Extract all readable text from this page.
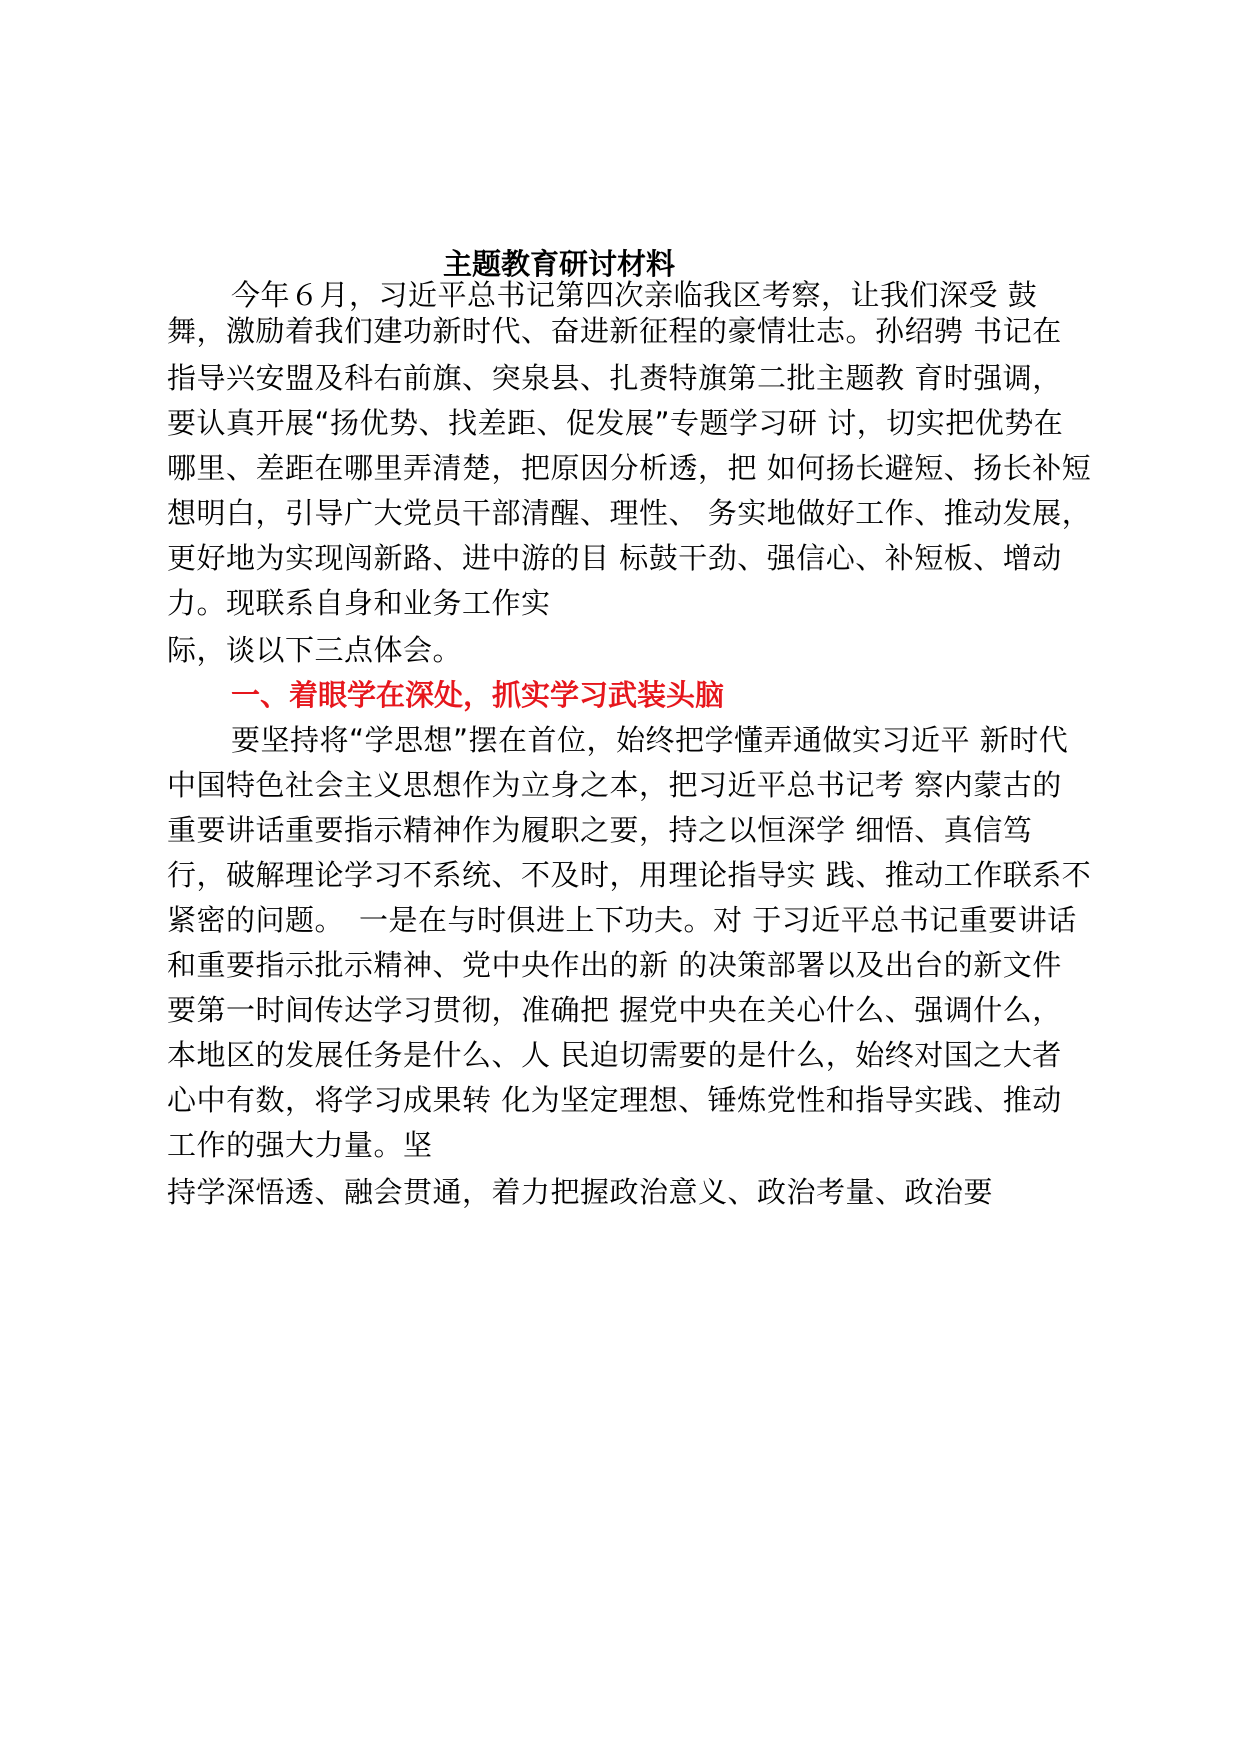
主题教育研讨材料
今年６月，习近平总书记第四次亲临我区考察，让我们深受 鼓
舞，激励着我们建功新时代、奋进新征程的豪情壮志。孙绍骋 书记在
指导兴安盟及科右前旗、突泉县、扎赉特旗第二批主题教 育时强调，
要认真开展“扬优势、找差距、促发展”专题学习研 讨，切实把优势在
哪里、差距在哪里弄清楚，把原因分析透，把 如何扬长避短、扬长补短
想明白，引导广大党员干部清醒、理性、 务实地做好工作、推动发展，
更好地为实现闯新路、进中游的目 标鼓干劲、强信心、补短板、增动
力。现联系自身和业务工作实
际，谈以下三点体会。
一、着眼学在深处，抓实学习武装头脑
要坚持将“学思想”摆在首位，始终把学懂弄通做实习近平 新时代
中国特色社会主义思想作为立身之本，把习近平总书记考 察内蒙古的
重要讲话重要指示精神作为履职之要，持之以恒深学 细悟、真信笃
行，破解理论学习不系统、不及时，用理论指导实 践、推动工作联系不
紧密的问题。　一是在与时俱进上下功夫。对 于习近平总书记重要讲话
和重要指示批示精神、党中央作出的新 的决策部署以及出台的新文件
要第一时间传达学习贯彻，准确把 握党中央在关心什么、强调什么，
本地区的发展任务是什么、人 民迫切需要的是什么，始终对国之大者
心中有数，将学习成果转 化为坚定理想、锤炼党性和指导实践、推动
工作的强大力量。坚
持学深悟透、融会贯通，着力把握政治意义、政治考量、政治要
